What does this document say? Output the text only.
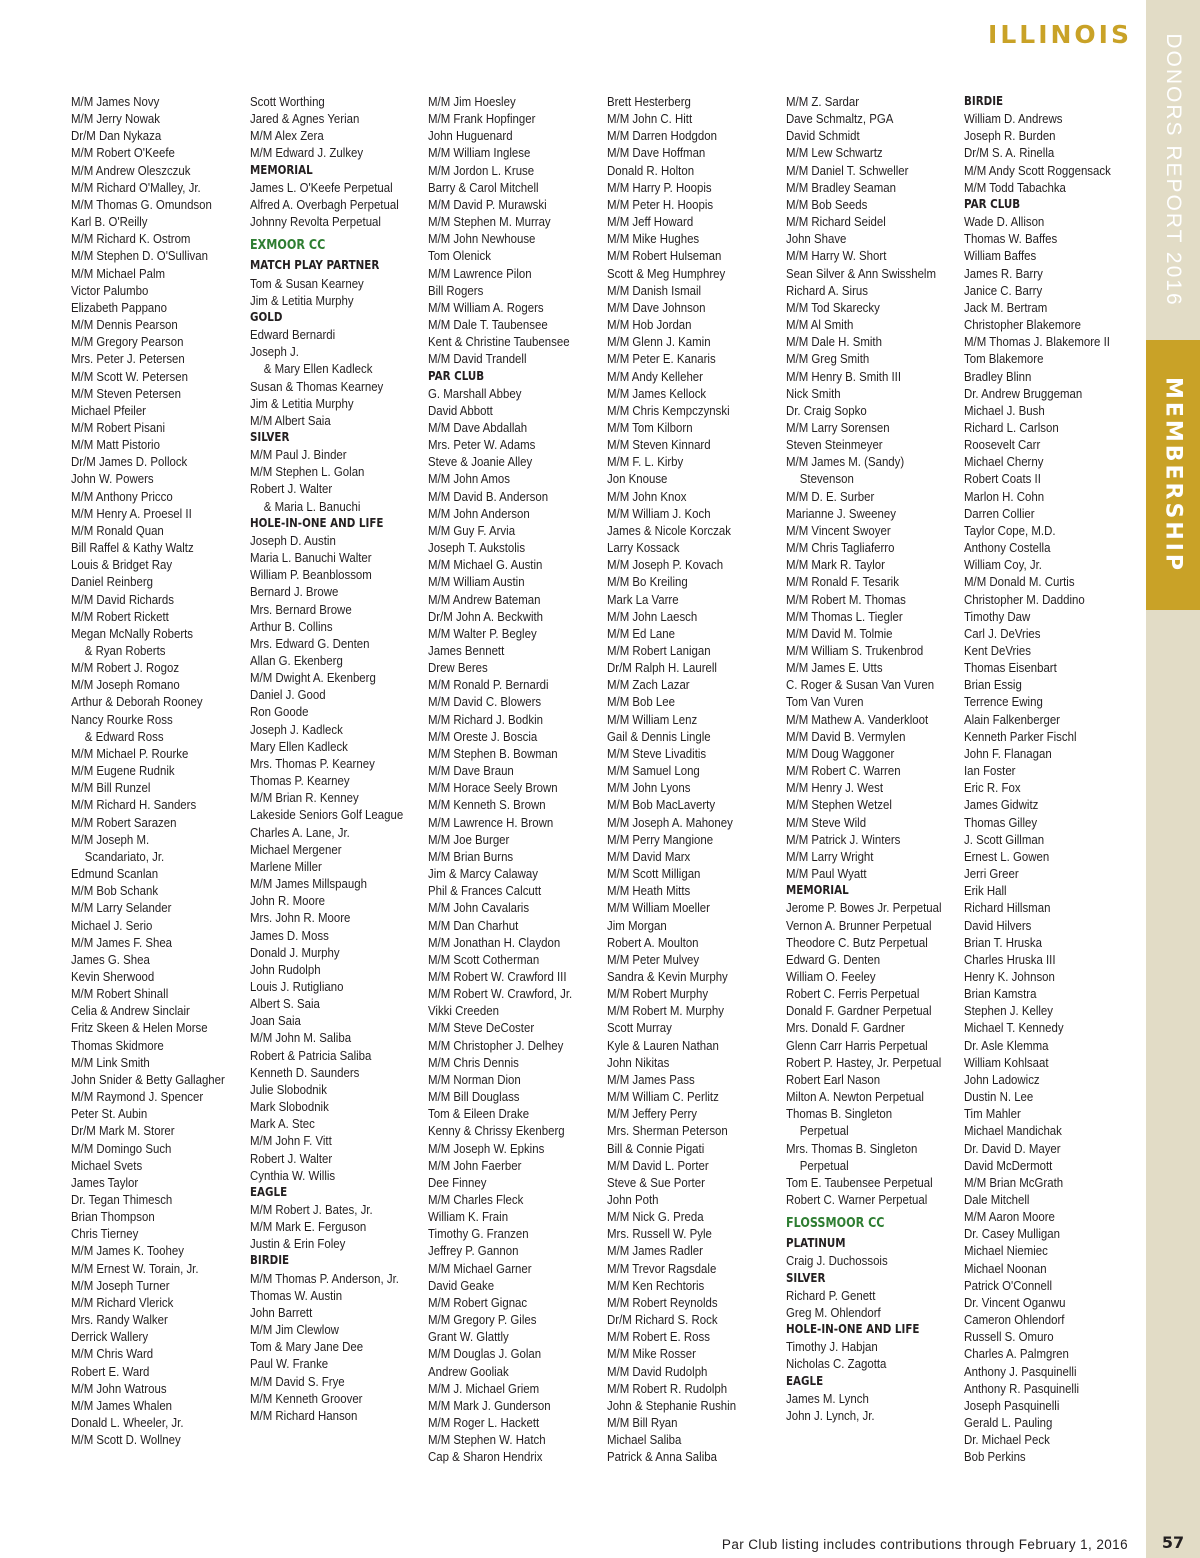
ILLINOIS DONORS REPORT 2016
MEMBERSHIP
M/M James Novy
M/M Jerry Nowak
Dr/M Dan Nykaza
M/M Robert O'Keefe
M/M Andrew Oleszczuk
M/M Richard O'Malley, Jr.
M/M Thomas G. Omundson
Karl B. O'Reilly
M/M Richard K. Ostrom
M/M Stephen D. O'Sullivan
M/M Michael Palm
Victor Palumbo
Elizabeth Pappano
M/M Dennis Pearson
M/M Gregory Pearson
Mrs. Peter J. Petersen
M/M Scott W. Petersen
M/M Steven Petersen
Michael Pfeiler
M/M Robert Pisani
M/M Matt Pistorio
Dr/M James D. Pollock
John W. Powers
M/M Anthony Pricco
M/M Henry A. Proesel II
M/M Ronald Quan
Bill Raffel & Kathy Waltz
Louis & Bridget Ray
Daniel Reinberg
M/M David Richards
M/M Robert Rickett
Megan McNally Roberts
& Ryan Roberts
M/M Robert J. Rogoz
M/M Joseph Romano
Arthur & Deborah Rooney
Nancy Rourke Ross
& Edward Ross
M/M Michael P. Rourke
M/M Eugene Rudnik
M/M Bill Runzel
M/M Richard H. Sanders
M/M Robert Sarazen
M/M Joseph M.
Scandariato, Jr.
Edmund Scanlan
M/M Bob Schank
M/M Larry Selander
Michael J. Serio
M/M James F. Shea
James G. Shea
Kevin Sherwood
M/M Robert Shinall
Celia & Andrew Sinclair
Fritz Skeen & Helen Morse
Thomas Skidmore
M/M Link Smith
John Snider & Betty Gallagher
M/M Raymond J. Spencer
Peter St. Aubin
Dr/M Mark M. Storer
M/M Domingo Such
Michael Svets
James Taylor
Dr. Tegan Thimesch
Brian Thompson
Chris Tierney
M/M James K. Toohey
M/M Ernest W. Torain, Jr.
M/M Joseph Turner
M/M Richard Vlerick
Mrs. Randy Walker
Derrick Wallery
M/M Chris Ward
Robert E. Ward
M/M John Watrous
M/M James Whalen
Donald L. Wheeler, Jr.
M/M Scott D. Wollney
Scott Worthing
Jared & Agnes Yerian
M/M Alex Zera
M/M Edward J. Zulkey
MEMORIAL
James L. O'Keefe Perpetual
Alfred A. Overbagh Perpetual
Johnny Revolta Perpetual
EXMOOR CC
MATCH PLAY PARTNER
Tom & Susan Kearney
Jim & Letitia Murphy
GOLD
Edward Bernardi
Joseph J.
& Mary Ellen Kadleck
Susan & Thomas Kearney
Jim & Letitia Murphy
M/M Albert Saia
SILVER
M/M Paul J. Binder
M/M Stephen L. Golan
Robert J. Walter
& Maria L. Banuchi
HOLE-IN-ONE AND LIFE
Joseph D. Austin
Maria L. Banuchi Walter
William P. Beanblossom
Bernard J. Browe
Mrs. Bernard Browe
Arthur B. Collins
Mrs. Edward G. Denten
Allan G. Ekenberg
M/M Dwight A. Ekenberg
Daniel J. Good
Ron Goode
Joseph J. Kadleck
Mary Ellen Kadleck
Mrs. Thomas P. Kearney
Thomas P. Kearney
M/M Brian R. Kenney
Lakeside Seniors Golf League
Charles A. Lane, Jr.
Michael Mergener
Marlene Miller
M/M James Millspaugh
John R. Moore
Mrs. John R. Moore
James D. Moss
Donald J. Murphy
John Rudolph
Louis J. Rutigliano
Albert S. Saia
Joan Saia
M/M John M. Saliba
Robert & Patricia Saliba
Kenneth D. Saunders
Julie Slobodnik
Mark Slobodnik
Mark A. Stec
M/M John F. Vitt
Robert J. Walter
Cynthia W. Willis
EAGLE
M/M Robert J. Bates, Jr.
M/M Mark E. Ferguson
Justin & Erin Foley
BIRDIE
M/M Thomas P. Anderson, Jr.
Thomas W. Austin
John Barrett
M/M Jim Clewlow
Tom & Mary Jane Dee
Paul W. Franke
M/M David S. Frye
M/M Kenneth Groover
M/M Richard Hanson
M/M Jim Hoesley
M/M Frank Hopfinger
John Huguenard
M/M William Inglese
M/M Jordon L. Kruse
Barry & Carol Mitchell
M/M David P. Murawski
M/M Stephen M. Murray
M/M John Newhouse
Tom Olenick
M/M Lawrence Pilon
Bill Rogers
M/M William A. Rogers
M/M Dale T. Taubensee
Kent & Christine Taubensee
M/M David Trandell
PAR CLUB
G. Marshall Abbey
David Abbott
M/M Dave Abdallah
Mrs. Peter W. Adams
Steve & Joanie Alley
M/M John Amos
M/M David B. Anderson
M/M John Anderson
M/M Guy F. Arvia
Joseph T. Aukstolis
M/M Michael G. Austin
M/M William Austin
M/M Andrew Bateman
Dr/M John A. Beckwith
M/M Walter P. Begley
James Bennett
Drew Beres
M/M Ronald P. Bernardi
M/M David C. Blowers
M/M Richard J. Bodkin
M/M Oreste J. Boscia
M/M Stephen B. Bowman
M/M Dave Braun
M/M Horace Seely Brown
M/M Kenneth S. Brown
M/M Lawrence H. Brown
M/M Joe Burger
M/M Brian Burns
Jim & Marcy Calaway
Phil & Frances Calcutt
M/M John Cavalaris
M/M Dan Charhut
M/M Jonathan H. Claydon
M/M Scott Cotherman
M/M Robert W. Crawford III
M/M Robert W. Crawford, Jr.
Vikki Creeden
M/M Steve DeCoster
M/M Christopher J. Delhey
M/M Chris Dennis
M/M Norman Dion
M/M Bill Douglass
Tom & Eileen Drake
Kenny & Chrissy Ekenberg
M/M Joseph W. Epkins
M/M John Faerber
Dee Finney
M/M Charles Fleck
William K. Frain
Timothy G. Franzen
Jeffrey P. Gannon
M/M Michael Garner
David Geake
M/M Robert Gignac
M/M Gregory P. Giles
Grant W. Glattly
M/M Douglas J. Golan
Andrew Gooliak
M/M J. Michael Griem
M/M Mark J. Gunderson
M/M Roger L. Hackett
M/M Stephen W. Hatch
Cap & Sharon Hendrix
Brett Hesterberg
M/M John C. Hitt
M/M Darren Hodgdon
M/M Dave Hoffman
Donald R. Holton
M/M Harry P. Hoopis
M/M Peter H. Hoopis
M/M Jeff Howard
M/M Mike Hughes
M/M Robert Hulseman
Scott & Meg Humphrey
M/M Danish Ismail
M/M Dave Johnson
M/M Hob Jordan
M/M Glenn J. Kamin
M/M Peter E. Kanaris
M/M Andy Kelleher
M/M James Kellock
M/M Chris Kempczynski
M/M Tom Kilborn
M/M Steven Kinnard
M/M F. L. Kirby
Jon Knouse
M/M John Knox
M/M William J. Koch
James & Nicole Korczak
Larry Kossack
M/M Joseph P. Kovach
M/M Bo Kreiling
Mark La Varre
M/M John Laesch
M/M Ed Lane
M/M Robert Lanigan
Dr/M Ralph H. Laurell
M/M Zach Lazar
M/M Bob Lee
M/M William Lenz
Gail & Dennis Lingle
M/M Steve Livaditis
M/M Samuel Long
M/M John Lyons
M/M Bob MacLaverty
M/M Joseph A. Mahoney
M/M Perry Mangione
M/M David Marx
M/M Scott Milligan
M/M Heath Mitts
M/M William Moeller
Jim Morgan
Robert A. Moulton
M/M Peter Mulvey
Sandra & Kevin Murphy
M/M Robert Murphy
M/M Robert M. Murphy
Scott Murray
Kyle & Lauren Nathan
John Nikitas
M/M James Pass
M/M William C. Perlitz
M/M Jeffery Perry
Mrs. Sherman Peterson
Bill & Connie Pigati
M/M David L. Porter
Steve & Sue Porter
John Poth
M/M Nick G. Preda
Mrs. Russell W. Pyle
M/M James Radler
M/M Trevor Ragsdale
M/M Ken Rechtoris
M/M Robert Reynolds
Dr/M Richard S. Rock
M/M Robert E. Ross
M/M Mike Rosser
M/M David Rudolph
M/M Robert R. Rudolph
John & Stephanie Rushin
M/M Bill Ryan
Michael Saliba
Patrick & Anna Saliba
M/M Z. Sardar
Dave Schmaltz, PGA
David Schmidt
M/M Lew Schwartz
M/M Daniel T. Schweller
M/M Bradley Seaman
M/M Bob Seeds
M/M Richard Seidel
John Shave
M/M Harry W. Short
Sean Silver & Ann Swisshelm
Richard A. Sirus
M/M Tod Skarecky
M/M Al Smith
M/M Dale H. Smith
M/M Greg Smith
M/M Henry B. Smith III
Nick Smith
Dr. Craig Sopko
M/M Larry Sorensen
Steven Steinmeyer
M/M James M. (Sandy)
Stevenson
M/M D. E. Surber
Marianne J. Sweeney
M/M Vincent Swoyer
M/M Chris Tagliaferro
M/M Mark R. Taylor
M/M Ronald F. Tesarik
M/M Robert M. Thomas
M/M Thomas L. Tiegler
M/M David M. Tolmie
M/M William S. Trukenbrod
M/M James E. Utts
C. Roger & Susan Van Vuren
Tom Van Vuren
M/M Mathew A. Vanderkloot
M/M David B. Vermylen
M/M Doug Waggoner
M/M Robert C. Warren
M/M Henry J. West
M/M Stephen Wetzel
M/M Steve Wild
M/M Patrick J. Winters
M/M Larry Wright
M/M Paul Wyatt
MEMORIAL
Jerome P. Bowes Jr. Perpetual
Vernon A. Brunner Perpetual
Theodore C. Butz Perpetual
Edward G. Denten
William O. Feeley
Robert C. Ferris Perpetual
Donald F. Gardner Perpetual
Mrs. Donald F. Gardner
Glenn Carr Harris Perpetual
Robert P. Hastey, Jr. Perpetual
Robert Earl Nason
Milton A. Newton Perpetual
Thomas B. Singleton
Perpetual
Mrs. Thomas B. Singleton
Perpetual
Tom E. Taubensee Perpetual
Robert C. Warner Perpetual
FLOSSMOOR CC
PLATINUM
Craig J. Duchossois
SILVER
Richard P. Genett
Greg M. Ohlendorf
HOLE-IN-ONE AND LIFE
Timothy J. Habjan
Nicholas C. Zagotta
EAGLE
James M. Lynch
John J. Lynch, Jr.
BIRDIE
William D. Andrews
Joseph R. Burden
Dr/M S. A. Rinella
M/M Andy Scott Roggensack
M/M Todd Tabachka
PAR CLUB
Wade D. Allison
Thomas W. Baffes
William Baffes
James R. Barry
Janice C. Barry
Jack M. Bertram
Christopher Blakemore
M/M Thomas J. Blakemore II
Tom Blakemore
Bradley Blinn
Dr. Andrew Bruggeman
Michael J. Bush
Richard L. Carlson
Roosevelt Carr
Michael Cherny
Robert Coats II
Marlon H. Cohn
Darren Collier
Taylor Cope, M.D.
Anthony Costella
William Coy, Jr.
M/M Donald M. Curtis
Christopher M. Daddino
Timothy Daw
Carl J. DeVries
Kent DeVries
Thomas Eisenbart
Brian Essig
Terrence Ewing
Alain Falkenberger
Kenneth Parker Fischl
John F. Flanagan
Ian Foster
Eric R. Fox
James Gidwitz
Thomas Gilley
J. Scott Gillman
Ernest L. Gowen
Jerri Greer
Erik Hall
Richard Hillsman
David Hilvers
Brian T. Hruska
Charles Hruska III
Henry K. Johnson
Brian Kamstra
Stephen J. Kelley
Michael T. Kennedy
Dr. Asle Klemma
William Kohlsaat
John Ladowicz
Dustin N. Lee
Tim Mahler
Michael Mandichak
Dr. David D. Mayer
David McDermott
M/M Brian McGrath
Dale Mitchell
M/M Aaron Moore
Dr. Casey Mulligan
Michael Niemiec
Michael Noonan
Patrick O'Connell
Dr. Vincent Oganwu
Cameron Ohlendorf
Russell S. Omuro
Charles A. Palmgren
Anthony J. Pasquinelli
Anthony R. Pasquinelli
Joseph Pasquinelli
Gerald L. Pauling
Dr. Michael Peck
Bob Perkins
Par Club listing includes contributions through February 1, 2016	57
